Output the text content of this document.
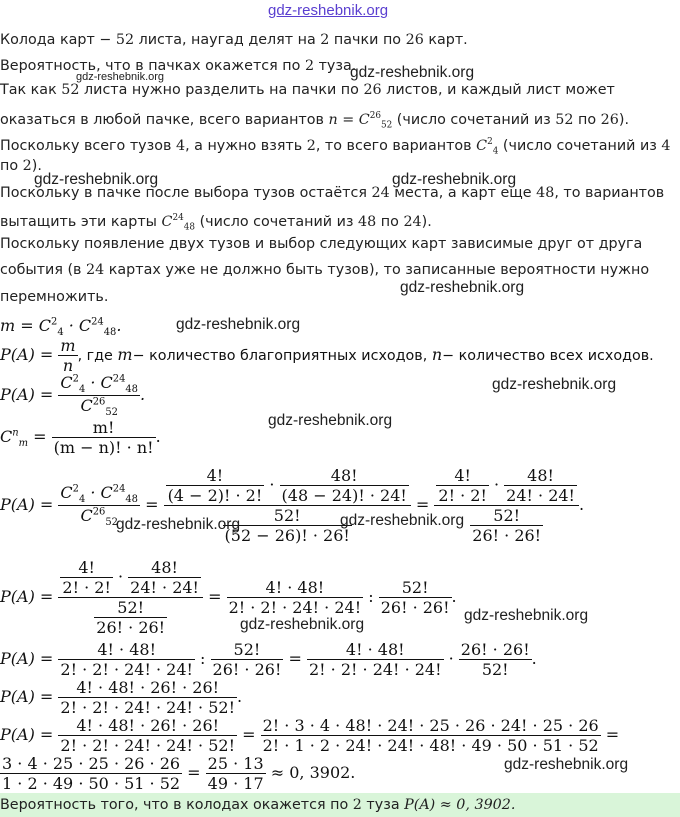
gdz-reshebnik.org
Колода карт − 52 листа, наугад делят на 2 пачки по 26 карт.
Вероятность, что в пачках окажется по 2 туза.
Так как 52 листа нужно разделить на пачки по 26 листов, и каждый лист может
оказаться в любой пачке, всего вариантов $n = C^{26}_{52}$ (число сочетаний из 52 по 26).
Поскольку всего тузов 4, а нужно взять 2, то всего вариантов $C^2_4$ (число сочетаний из 4
по 2).
Поскольку в пачке после выбора тузов остаётся 24 места, а карт еще 48, то вариантов
вытащить эти карты $C^{24}_{48}$ (число сочетаний из 48 по 24).
Поскольку появление двух тузов и выбор следующих карт зависимые друг от друга
события (в 24 картах уже не должно быть тузов), то записанные вероятности нужно
перемножить.
$m = C^2_4 \cdot C^{24}_{48}$.
$P(A) = \frac{m}{n}$ , где m− количество благоприятных исходов, n− количество всех исходов.
$P(A) = \frac{C^2_4 \cdot C^{24}_{48}}{C^{26}_{52}}$ .
$C^n_m = \frac{m!}{(m - n)! \cdot n!}$ .
$P(A) = \frac{C^2_4 \cdot C^{24}_{48}}{C^{26}_{52}} = \frac{\frac{4!}{(4 - 2)! \cdot 2!} \cdot \frac{48!}{(48 - 24)! \cdot 24!}}{\frac{52!}{(52 - 26)! \cdot 26!}} = \frac{\frac{4!}{2! \cdot 2!} \cdot \frac{48!}{24! \cdot 24!}}{\frac{52!}{26! \cdot 26!}}$ .
$P(A) = \frac{\frac{4!}{2! \cdot 2!} \cdot \frac{48!}{24! \cdot 24!}}{\frac{52!}{26! \cdot 26!}} = \frac{4! \cdot 48!}{2! \cdot 2! \cdot 24! \cdot 24!}$ : $\frac{52!}{26! \cdot 26!}$ .
$P(A) = \frac{4! \cdot 48!}{2! \cdot 2! \cdot 24! \cdot 24!}$ : $\frac{52!}{26! \cdot 26!} = \frac{4! \cdot 48!}{2! \cdot 2! \cdot 24! \cdot 24!} \cdot \frac{26! \cdot 26!}{52!}$ .
$P(A) = \frac{4! \cdot 48! \cdot 26! \cdot 26!}{2! \cdot 2! \cdot 24! \cdot 24! \cdot 52!}$ .
$P(A) = \frac{4! \cdot 48! \cdot 26! \cdot 26!}{2! \cdot 2! \cdot 24! \cdot 24! \cdot 52!} = \frac{2! \cdot 3 \cdot 4 \cdot 48! \cdot 24! \cdot 25 \cdot 26 \cdot 24! \cdot 25 \cdot 26}{2! \cdot 1 \cdot 2 \cdot 24! \cdot 24! \cdot 48! \cdot 49 \cdot 50 \cdot 51 \cdot 52}$ =
$\frac{3 \cdot 4 \cdot 25 \cdot 25 \cdot 26 \cdot 26}{1 \cdot 2 \cdot 49 \cdot 50 \cdot 51 \cdot 52} = \frac{25 \cdot 13}{49 \cdot 17} \approx 0$, 3902.
Вероятность того, что в колодах окажется по 2 туза P(A) ≈ 0, 3902.
gdz-reshebnik.org	gdz-reshebnik.org
gdz-reshebnik.org	gdz-reshebnik.org
gdz-reshebnik.org
gdz-reshebnik.org
gdz-reshebnik.org
gdz-reshebnik.org
gdz-reshebnik.org	gdz-reshebnik.org
gdz-reshebnik.org
gdz-reshebnik.org
gdz-reshebnik.org
